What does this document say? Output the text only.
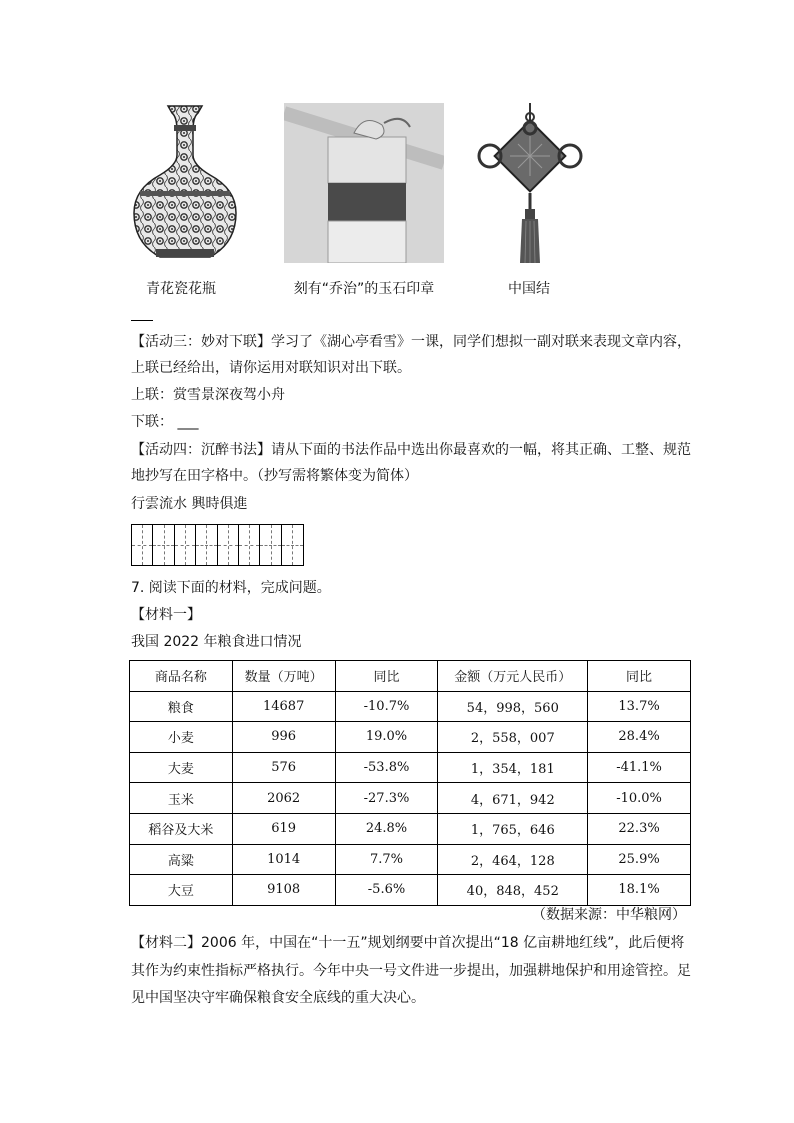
青花瓷花瓶	刻有“乔治”的玉石印章	中国结
【活动三：妙对下联】学习了《湖心亭看雪》一课，同学们想拟一副对联来表现文章内容，
上联已经给出，请你运用对联知识对出下联。
上联：赏雪景深夜驾小舟
下联： ___
【活动四：沉醉书法】请从下面的书法作品中选出你最喜欢的一幅，将其正确、工整、规范
地抄写在田字格中。（抄写需将繁体变为简体）
行雲流水 興時俱進
7. 阅读下面的材料，完成问题。
【材料一】
我国 2022 年粮食进口情况
商品名称	数量（万吨）	同比	金额（万元人民币）	同比
粮食	14687	-10.7%	54，998，560	13.7%
小麦	996	19.0%	2，558，007	28.4%
大麦	576	-53.8%	1，354，181	-41.1%
玉米	2062	-27.3%	4，671，942	-10.0%
稻谷及大米	619	24.8%	1，765，646	22.3%
高粱	1014	7.7%	2，464，128	25.9%
大豆	9108	-5.6%	40，848，452	18.1%
（数据来源：中华粮网）
【材料二】2006 年，中国在“十一五”规划纲要中首次提出“18 亿亩耕地红线”，此后便将
其作为约束性指标严格执行。今年中央一号文件进一步提出，加强耕地保护和用途管控。足
见中国坚决守牢确保粮食安全底线的重大决心。
